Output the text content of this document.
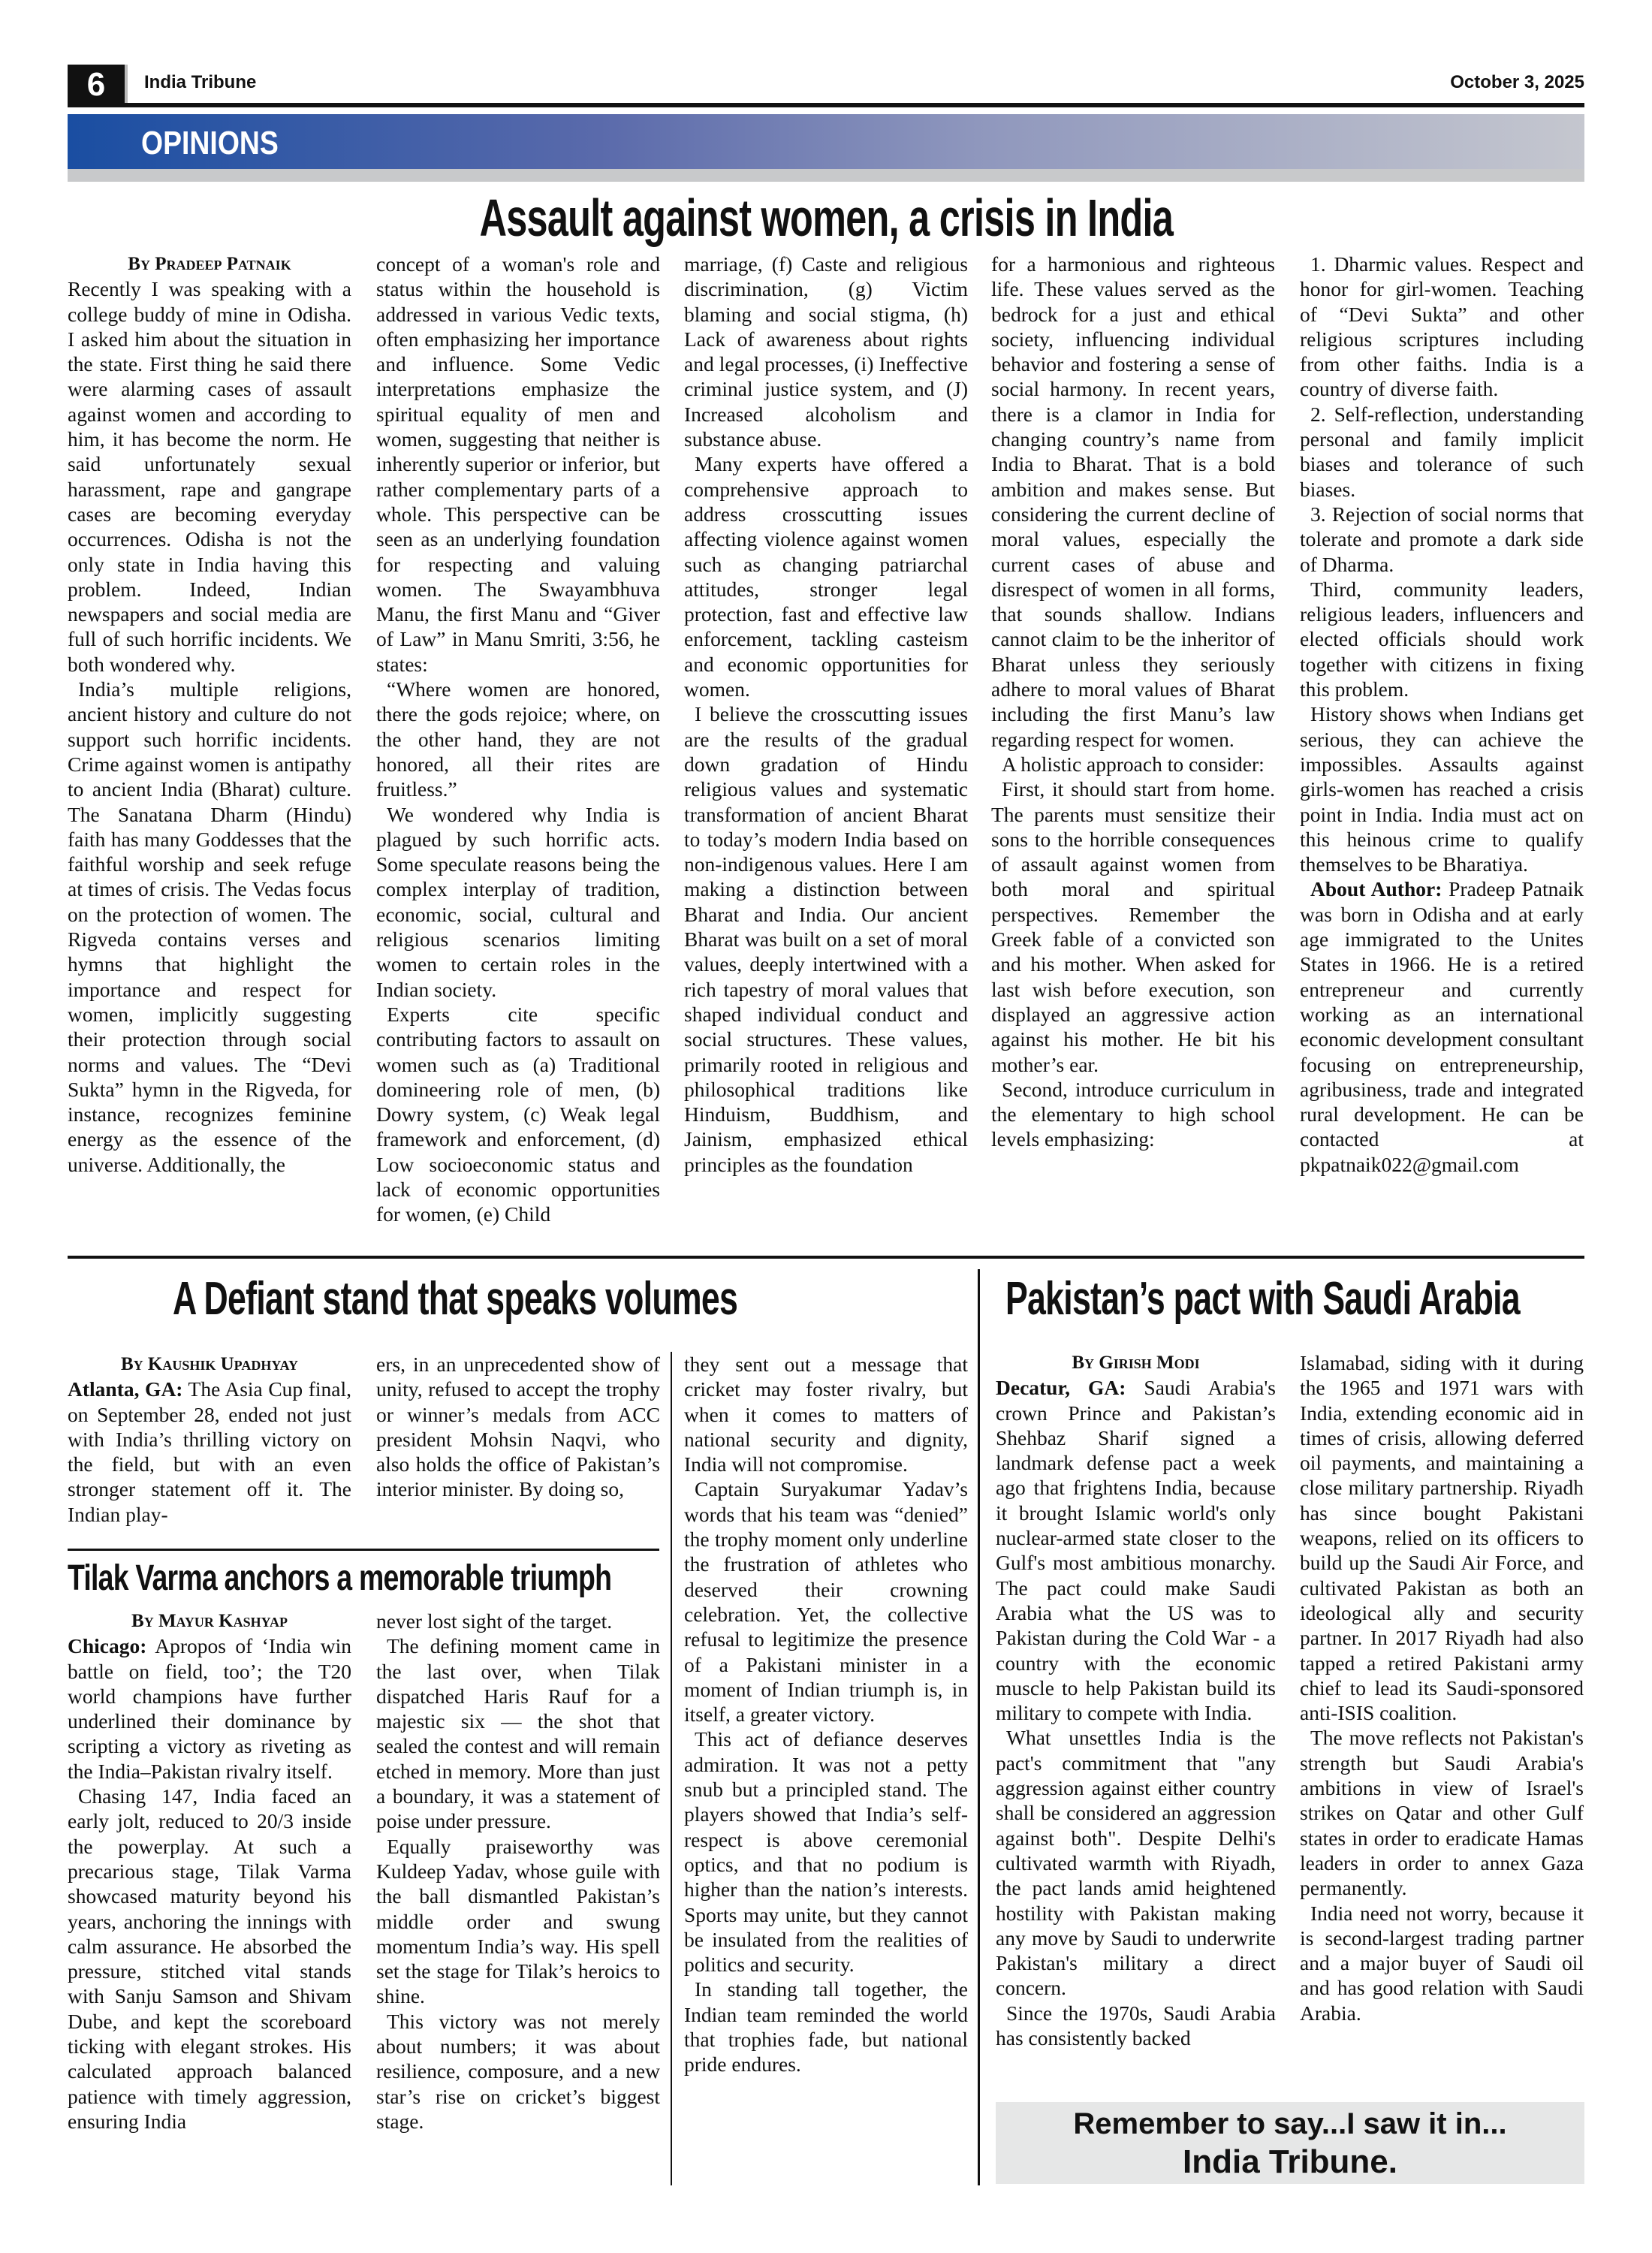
6	India Tribune	October 3, 2025
OPINIONS
Assault against women, a crisis in India
By Pradeep Patnaik

Recently I was speaking with a college buddy of mine in Odisha. I asked him about the situation in the state. First thing he said there were alarming cases of assault against women and according to him, it has become the norm. He said unfortunately sexual harassment, rape and gangrape cases are becoming everyday occurrences. Odisha is not the only state in India having this problem. Indeed, Indian newspapers and social media are full of such horrific incidents. We both wondered why.

India’s multiple religions, ancient history and culture do not support such horrific incidents. Crime against women is antipathy to ancient India (Bharat) culture. The Sanatana Dharm (Hindu) faith has many Goddesses that the faithful worship and seek refuge at times of crisis. The Vedas focus on the protection of women. The Rigveda contains verses and hymns that highlight the importance and respect for women, implicitly suggesting their protection through social norms and values. The “Devi Sukta” hymn in the Rigveda, for instance, recognizes feminine energy as the essence of the universe. Additionally, the

concept of a woman's role and status within the household is addressed in various Vedic texts, often emphasizing her importance and influence. Some Vedic interpretations emphasize the spiritual equality of men and women, suggesting that neither is inherently superior or inferior, but rather complementary parts of a whole. This perspective can be seen as an underlying foundation for respecting and valuing women. The Swayambhuva Manu, the first Manu and “Giver of Law” in Manu Smriti, 3:56, he states:

“Where women are honored, there the gods rejoice; where, on the other hand, they are not honored, all their rites are fruitless.”

We wondered why India is plagued by such horrific acts. Some speculate reasons being the complex interplay of tradition, economic, social, cultural and religious scenarios limiting women to certain roles in the Indian society.

Experts cite specific contributing factors to assault on women such as (a) Traditional domineering role of men, (b) Dowry system, (c) Weak legal framework and enforcement, (d) Low socioeconomic status and lack of economic opportunities for women, (e) Child

marriage, (f) Caste and religious discrimination, (g) Victim blaming and social stigma, (h) Lack of awareness about rights and legal processes, (i) Ineffective criminal justice system, and (J) Increased alcoholism and substance abuse.

Many experts have offered a comprehensive approach to address crosscutting issues affecting violence against women such as changing patriarchal attitudes, stronger legal protection, fast and effective law enforcement, tackling casteism and economic opportunities for women.

I believe the crosscutting issues are the results of the gradual down gradation of Hindu religious values and systematic transformation of ancient Bharat to today’s modern India based on non-indigenous values. Here I am making a distinction between Bharat and India. Our ancient Bharat was built on a set of moral values, deeply intertwined with a rich tapestry of moral values that shaped individual conduct and social structures. These values, primarily rooted in religious and philosophical traditions like Hinduism, Buddhism, and Jainism, emphasized ethical principles as the foundation

for a harmonious and righteous life. These values served as the bedrock for a just and ethical society, influencing individual behavior and fostering a sense of social harmony. In recent years, there is a clamor in India for changing country’s name from India to Bharat. That is a bold ambition and makes sense. But considering the current decline of moral values, especially the current cases of abuse and disrespect of women in all forms, that sounds shallow. Indians cannot claim to be the inheritor of Bharat unless they seriously adhere to moral values of Bharat including the first Manu’s law regarding respect for women.

A holistic approach to consider:

First, it should start from home. The parents must sensitize their sons to the horrible consequences of assault against women from both moral and spiritual perspectives. Remember the Greek fable of a convicted son and his mother. When asked for last wish before execution, son displayed an aggressive action against his mother. He bit his mother’s ear.

Second, introduce curriculum in the elementary to high school levels emphasizing:

1. Dharmic values. Respect and honor for girl-women. Teaching of “Devi Sukta” and other religious scriptures including from other faiths. India is a country of diverse faith.

2. Self-reflection, understanding personal and family implicit biases and tolerance of such biases.

3. Rejection of social norms that tolerate and promote a dark side of Dharma.

Third, community leaders, religious leaders, influencers and elected officials should work together with citizens in fixing this problem.

History shows when Indians get serious, they can achieve the impossibles. Assaults against girls-women has reached a crisis point in India. India must act on this heinous crime to qualify themselves to be Bharatiya.

About Author: Pradeep Patnaik was born in Odisha and at early age immigrated to the Unites States in 1966. He is a retired entrepreneur and currently working as an international economic development consultant focusing on entrepreneurship, agribusiness, trade and integrated rural development. He can be contacted at pkpatnaik022@gmail.com

A Defiant stand that speaks volumes
By Kaushik Upadhyay

Atlanta, GA: The Asia Cup final, on September 28, ended not just with India’s thrilling victory on the field, but with an even stronger statement off it. The Indian play-

ers, in an unprecedented show of unity, refused to accept the trophy or winner’s medals from ACC president Mohsin Naqvi, who also holds the office of Pakistan’s interior minister. By doing so,

they sent out a message that cricket may foster rivalry, but when it comes to matters of national security and dignity, India will not compromise.

Captain Suryakumar Yadav’s words that his team was “denied” the trophy moment only underline the frustration of athletes who deserved their crowning celebration. Yet, the collective refusal to legitimize the presence of a Pakistani minister in a moment of Indian triumph is, in itself, a greater victory.

This act of defiance deserves admiration. It was not a petty snub but a principled stand. The players showed that India’s self-respect is above ceremonial optics, and that no podium is higher than the nation’s interests. Sports may unite, but they cannot be insulated from the realities of politics and security.

In standing tall together, the Indian team reminded the world that trophies fade, but national pride endures.

Tilak Varma anchors a memorable triumph
By Mayur Kashyap

Chicago: Apropos of ‘India win battle on field, too’; the T20 world champions have further underlined their dominance by scripting a victory as riveting as the India–Pakistan rivalry itself.

Chasing 147, India faced an early jolt, reduced to 20/3 inside the powerplay. At such a precarious stage, Tilak Varma showcased maturity beyond his years, anchoring the innings with calm assurance. He absorbed the pressure, stitched vital stands with Sanju Samson and Shivam Dube, and kept the scoreboard ticking with elegant strokes. His calculated approach balanced patience with timely aggression, ensuring India

never lost sight of the target.

The defining moment came in the last over, when Tilak dispatched Haris Rauf for a majestic six — the shot that sealed the contest and will remain etched in memory. More than just a boundary, it was a statement of poise under pressure.

Equally praiseworthy was Kuldeep Yadav, whose guile with the ball dismantled Pakistan’s middle order and swung momentum India’s way. His spell set the stage for Tilak’s heroics to shine.

This victory was not merely about numbers; it was about resilience, composure, and a new star’s rise on cricket’s biggest stage.

Pakistan’s pact with Saudi Arabia
By Girish Modi

Decatur, GA: Saudi Arabia's crown Prince and Pakistan’s Shehbaz Sharif signed a landmark defense pact a week ago that frightens India, because it brought Islamic world's only nuclear-armed state closer to the Gulf's most ambitious monarchy. The pact could make Saudi Arabia what the US was to Pakistan during the Cold War - a country with the economic muscle to help Pakistan build its military to compete with India.

What unsettles India is the pact's commitment that "any aggression against either country shall be considered an aggression against both". Despite Delhi's cultivated warmth with Riyadh, the pact lands amid heightened hostility with Pakistan making any move by Saudi to underwrite Pakistan's military a direct concern.

Since the 1970s, Saudi Arabia has consistently backed

Islamabad, siding with it during the 1965 and 1971 wars with India, extending economic aid in times of crisis, allowing deferred oil payments, and maintaining a close military partnership. Riyadh has since bought Pakistani weapons, relied on its officers to build up the Saudi Air Force, and cultivated Pakistan as both an ideological ally and security partner. In 2017 Riyadh had also tapped a retired Pakistani army chief to lead its Saudi-sponsored anti-ISIS coalition.

The move reflects not Pakistan's strength but Saudi Arabia's ambitions in view of Israel's strikes on Qatar and other Gulf states in order to eradicate Hamas leaders in order to annex Gaza permanently.

India need not worry, because it is second-largest trading partner and a major buyer of Saudi oil and has good relation with Saudi Arabia.

Remember to say...I saw it in...
India Tribune.
